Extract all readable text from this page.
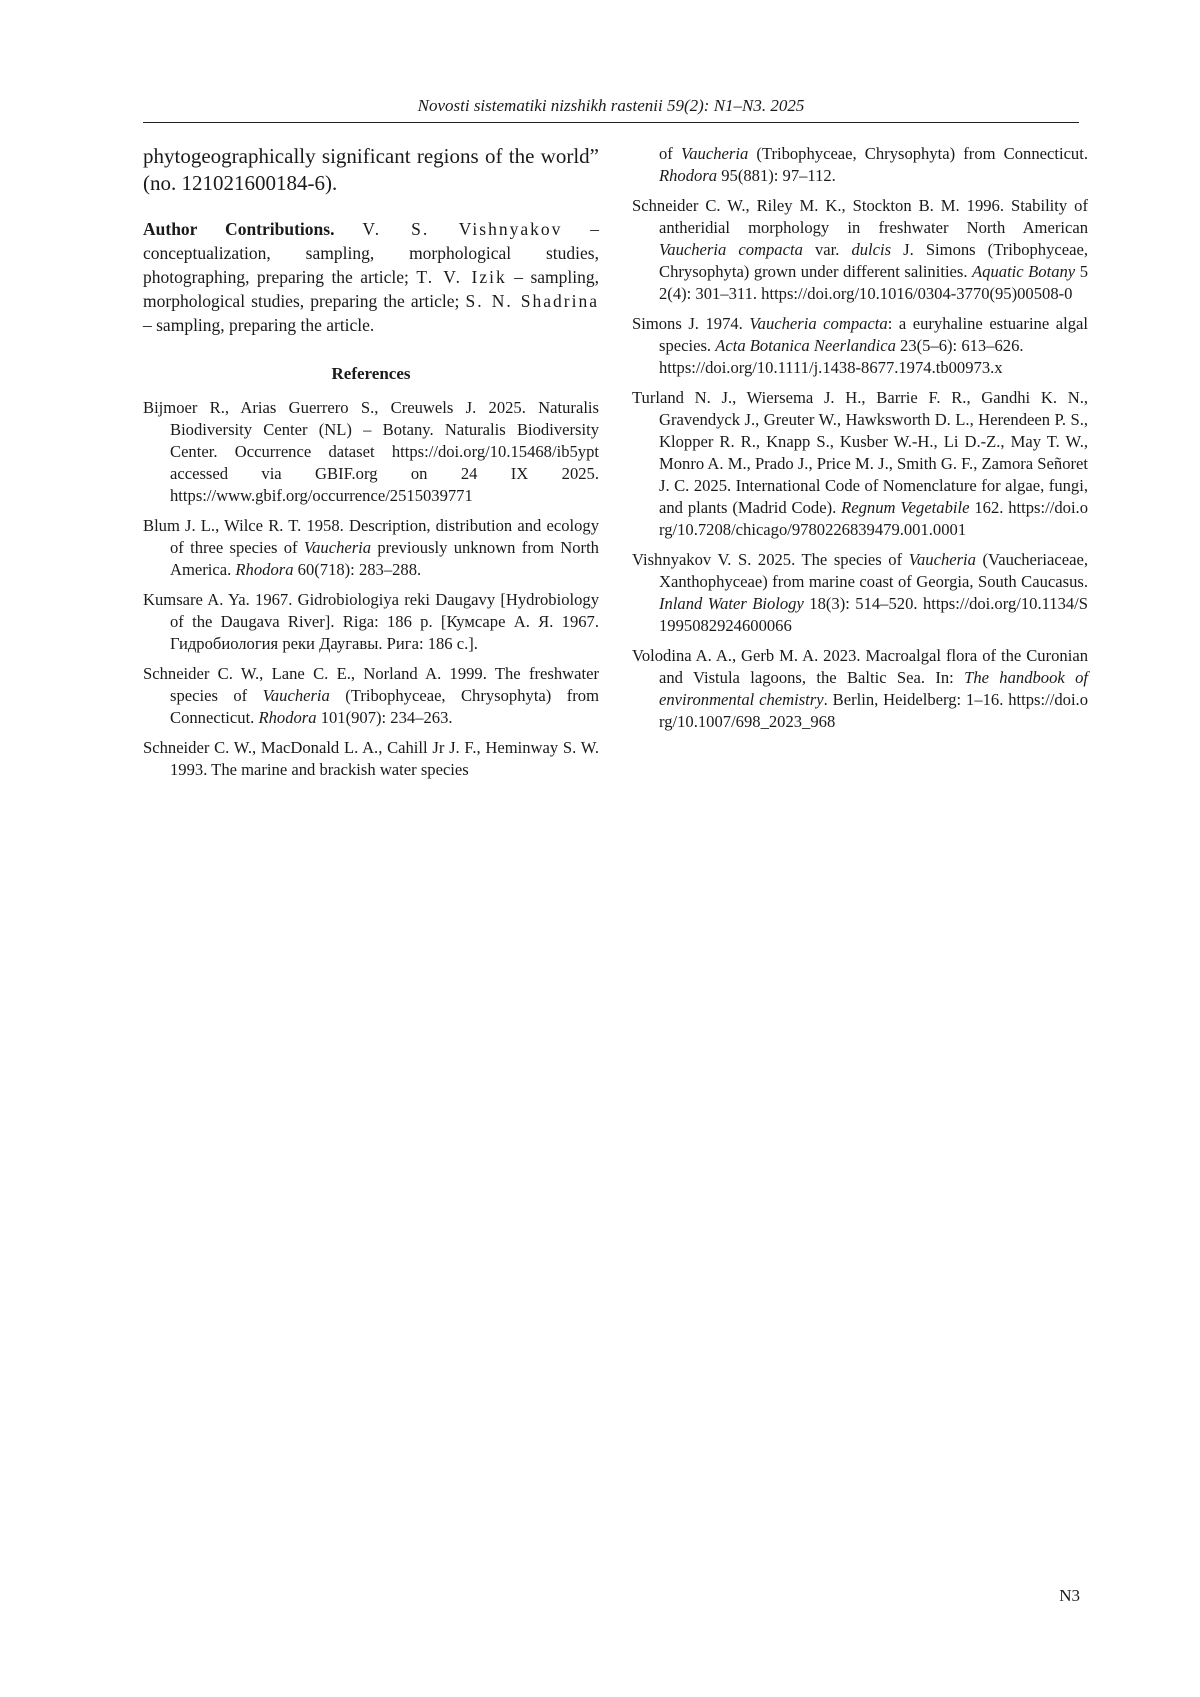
Novosti sistematiki nizshikh rastenii 59(2): N1–N3. 2025

phytogeographically significant regions of the world” (no. 121021600184-6).

Author Contributions. V. S. Vishnyakov – conceptualization, sampling, morphological studies, photographing, preparing the article; T. V. Izik – sampling, morphological studies, preparing the article; S. N. Shadrina – sampling, preparing the article.

References

Bijmoer R., Arias Guerrero S., Creuwels J. 2025. Naturalis Biodiversity Center (NL) – Botany. Naturalis Biodiversity Center. Occurrence dataset https://doi.org/10.15468/ib5ypt accessed via GBIF.org on 24 IX 2025. https://www.gbif.org/occurrence/2515039771

Blum J. L., Wilce R. T. 1958. Description, distribution and ecology of three species of Vaucheria previously unknown from North America. Rhodora 60(718): 283–288.

Kumsare A. Ya. 1967. Gidrobiologiya reki Daugavy [Hydrobiology of the Daugava River]. Riga: 186 p. [Кумсаре А. Я. 1967. Гидробиология реки Даугавы. Рига: 186 с.].

Schneider C. W., Lane C. E., Norland A. 1999. The freshwater species of Vaucheria (Tribophyceae, Chrysophyta) from Connecticut. Rhodora 101(907): 234–263.

Schneider C. W., MacDonald L. A., Cahill Jr J. F., Heminway S. W. 1993. The marine and brackish water species

of Vaucheria (Tribophyceae, Chrysophyta) from Connecticut. Rhodora 95(881): 97–112.

Schneider C. W., Riley M. K., Stockton B. M. 1996. Stability of antheridial morphology in freshwater North American Vaucheria compacta var. dulcis J. Simons (Tribophyceae, Chrysophyta) grown under different salinities. Aquatic Botany 52(4): 301–311. https://doi.org/10.1016/0304-3770(95)00508-0

Simons J. 1974. Vaucheria compacta: a euryhaline estuarine algal species. Acta Botanica Neerlandica 23(5–6): 613–626.
https://doi.org/10.1111/j.1438-8677.1974.tb00973.x

Turland N. J., Wiersema J. H., Barrie F. R., Gandhi K. N., Gravendyck J., Greuter W., Hawksworth D. L., Herendeen P. S., Klopper R. R., Knapp S., Kusber W.-H., Li D.-Z., May T. W., Monro A. M., Prado J., Price M. J., Smith G. F., Zamora Señoret J. C. 2025. International Code of Nomenclature for algae, fungi, and plants (Madrid Code). Regnum Vegetabile 162. https://doi.org/10.7208/chicago/9780226839479.001.0001

Vishnyakov V. S. 2025. The species of Vaucheria (Vaucheriaceae, Xanthophyceae) from marine coast of Georgia, South Caucasus. Inland Water Biology 18(3): 514–520. https://doi.org/10.1134/S1995082924600066

Volodina A. A., Gerb M. A. 2023. Macroalgal flora of the Curonian and Vistula lagoons, the Baltic Sea. In: The handbook of environmental chemistry. Berlin, Heidelberg: 1–16. https://doi.org/10.1007/698_2023_968

N3
